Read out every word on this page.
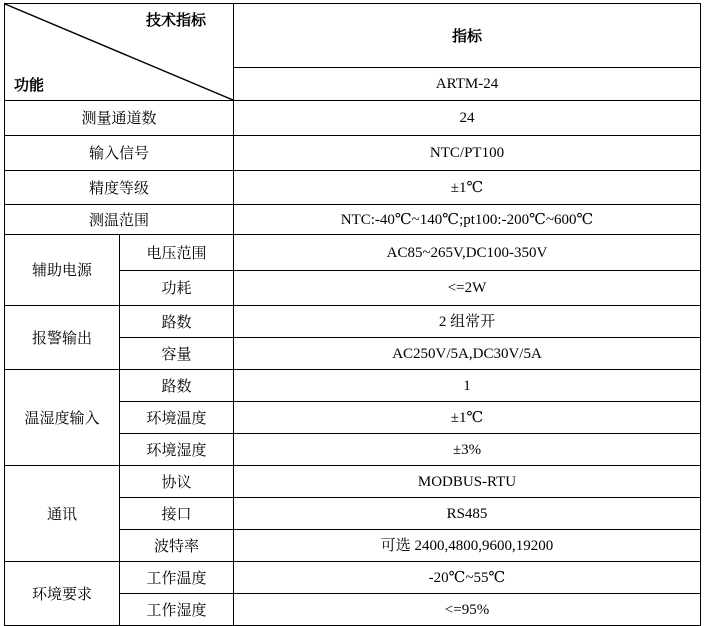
技术指标
功能		指标
		ARTM-24
测量通道数		24
输入信号		NTC/PT100
精度等级		±1℃
测温范围		NTC:-40℃~140℃;pt100:-200℃~600℃
辅助电源	电压范围	AC85~265V,DC100-350V
	功耗	<=2W
报警输出	路数	2 组常开
	容量	AC250V/5A,DC30V/5A
温湿度输入	路数	1
	环境温度	±1℃
	环境湿度	±3%
通讯	协议	MODBUS-RTU
	接口	RS485
	波特率	可选 2400,4800,9600,19200
环境要求	工作温度	-20℃~55℃
	工作湿度	<=95%
